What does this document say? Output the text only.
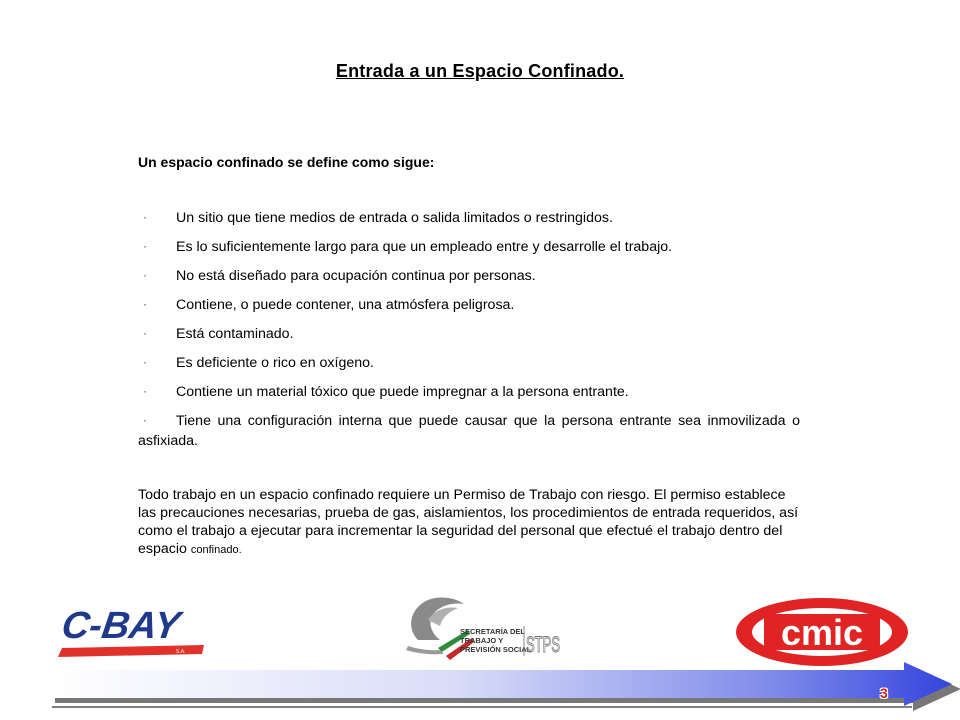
Entrada a un Espacio Confinado.
Un espacio confinado se define como sigue:
·	Un sitio que tiene medios de entrada o salida limitados o restringidos.
·	Es lo suficientemente largo para que un empleado entre y desarrolle el trabajo.
·	No está diseñado para ocupación continua por personas.
·	Contiene, o puede contener, una atmósfera peligrosa.
·	Está contaminado.
·	Es deficiente o rico en oxígeno.
·	Contiene un material tóxico que puede impregnar a la persona entrante.
·	Tiene una configuración interna que puede causar que la persona entrante sea inmovilizada o asfixiada.
Todo trabajo en un espacio confinado requiere un Permiso de Trabajo con riesgo. El permiso establece las precauciones necesarias, prueba de gas, aislamientos, los procedimientos de entrada requeridos, así como el trabajo a ejecutar para incrementar la seguridad del personal que efectué el trabajo dentro del espacio confinado.
C-BAY
S.A.
SECRETARÍA DEL
TRABAJO Y
PREVISIÓN SOCIAL
STPS	cmic
3
